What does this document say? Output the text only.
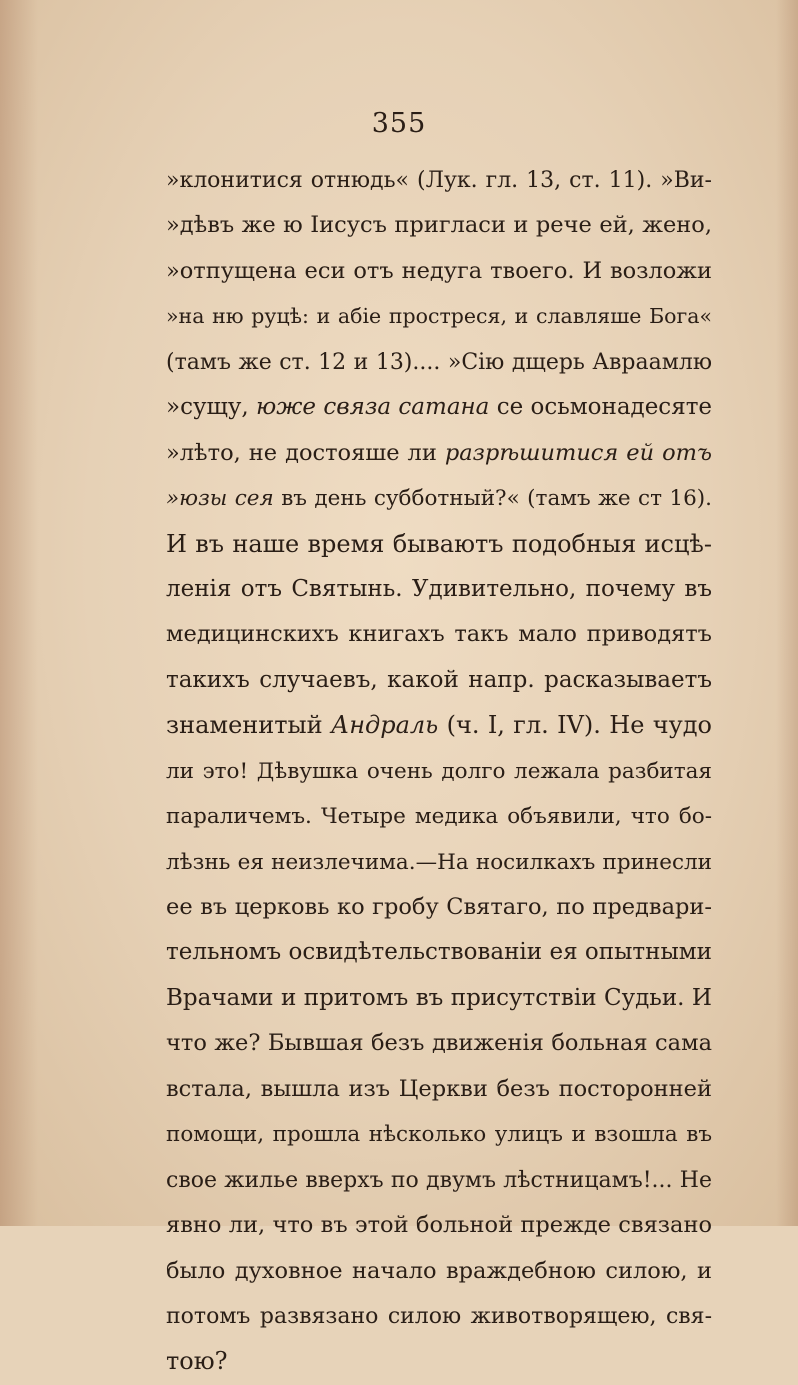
355
»клонитися отнюдь« (Лук. гл. 13, ст. 11). »Ви-
»дѣвъ же ю Іисусъ пригласи и рече ей, жено,
»отпущена еси отъ недуга твоего. И возложи
»на ню руцѣ: и абіе простреся, и славляше Бога«
(тамъ же ст. 12 и 13).... »Сію дщерь Авраамлю
»сущу, юже связа сатана се осьмонадесяте
»лѣто, не достояше ли разрѣшитися ей отъ
»юзы сея въ день субботный?« (тамъ же ст 16).
И въ наше время бываютъ подобныя исцѣ-
ленія отъ Святынь. Удивительно, почему въ
медицинскихъ книгахъ такъ мало приводятъ
такихъ случаевъ, какой напр. расказываетъ
знаменитый Андраль (ч. I, гл. IV). Не чудо
ли это! Дѣвушка очень долго лежала разбитая
параличемъ. Четыре медика объявили, что бо-
лѣзнь ея неизлечима.—На носилкахъ принесли
ее въ церковь ко гробу Святаго, по предвари-
тельномъ освидѣтельствованіи ея опытными
Врачами и притомъ въ присутствіи Судьи. И
что же? Бывшая безъ движенія больная сама
встала, вышла изъ Церкви безъ посторонней
помощи, прошла нѣсколько улицъ и взошла въ
свое жилье вверхъ по двумъ лѣстницамъ!... Не
явно ли, что въ этой больной прежде связано
было духовное начало враждебною силою, и
потомъ развязано силою животворящею, свя-
тою?
